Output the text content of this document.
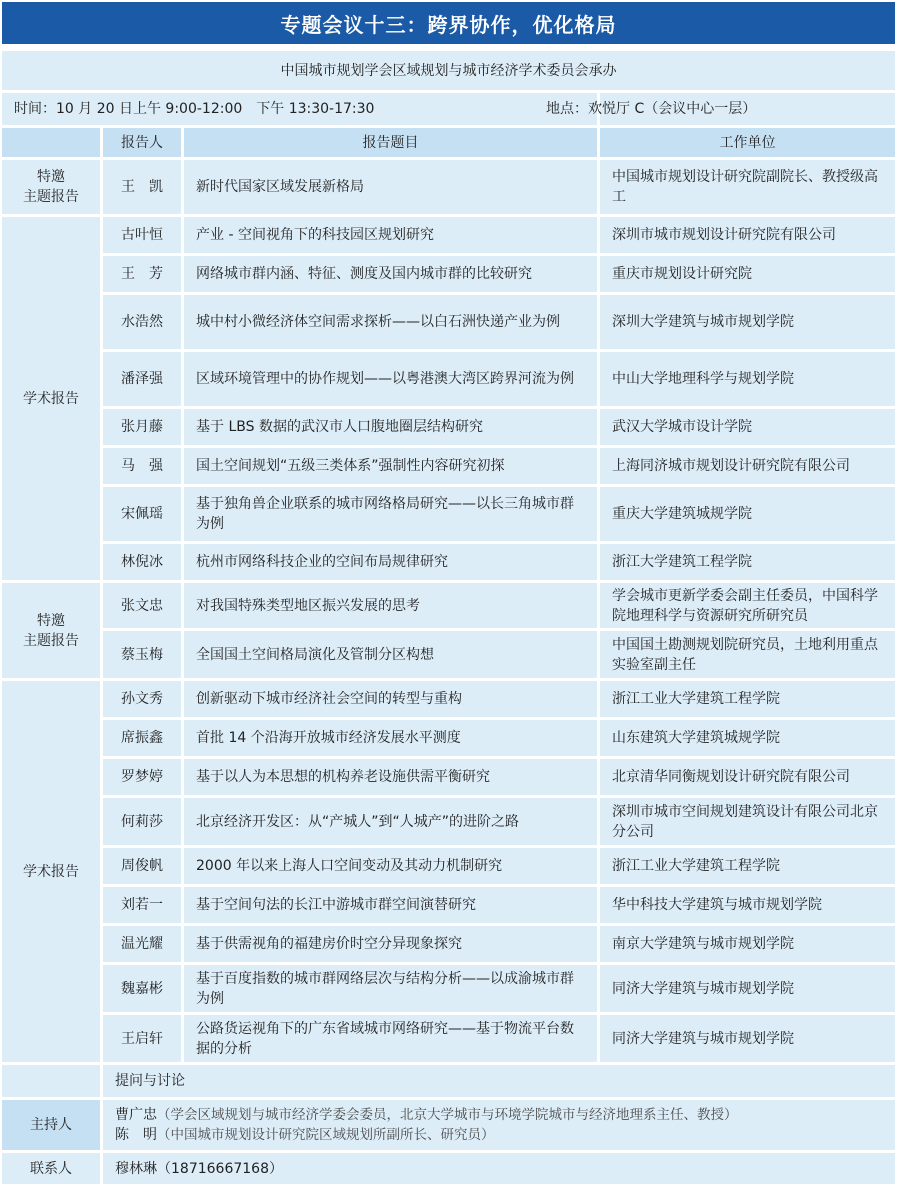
专题会议十三：跨界协作，优化格局
中国城市规划学会区域规划与城市经济学术委员会承办			
时间：10 月 20 日上午 9:00-12:00　下午 13:30-17:30			地点：欢悦厅 C（会议中心一层）
	报告人	报告题目	工作单位
特邀
主题报告	王　凯	新时代国家区域发展新格局	中国城市规划设计研究院副院长、教授级高工
学术报告	古叶恒	产业 - 空间视角下的科技园区规划研究	深圳市城市规划设计研究院有限公司
	王　芳	网络城市群内涵、特征、测度及国内城市群的比较研究	重庆市规划设计研究院
	水浩然	城中村小微经济体空间需求探析——以白石洲快递产业为例	深圳大学建筑与城市规划学院
	潘泽强	区域环境管理中的协作规划——以粤港澳大湾区跨界河流为例	中山大学地理科学与规划学院
	张月藤	基于 LBS 数据的武汉市人口腹地圈层结构研究	武汉大学城市设计学院
	马　强	国土空间规划“五级三类体系”强制性内容研究初探	上海同济城市规划设计研究院有限公司
	宋佩瑶	基于独角兽企业联系的城市网络格局研究——以长三角城市群为例	重庆大学建筑城规学院
	林倪冰	杭州市网络科技企业的空间布局规律研究	浙江大学建筑工程学院
特邀
主题报告	张文忠	对我国特殊类型地区振兴发展的思考	学会城市更新学委会副主任委员，中国科学院地理科学与资源研究所研究员
	蔡玉梅	全国国土空间格局演化及管制分区构想	中国国土勘测规划院研究员，土地利用重点实验室副主任
学术报告	孙文秀	创新驱动下城市经济社会空间的转型与重构	浙江工业大学建筑工程学院
	席振鑫	首批 14 个沿海开放城市经济发展水平测度	山东建筑大学建筑城规学院
	罗梦婷	基于以人为本思想的机构养老设施供需平衡研究	北京清华同衡规划设计研究院有限公司
	何莉莎	北京经济开发区：从“产城人”到“人城产”的进阶之路	深圳市城市空间规划建筑设计有限公司北京分公司
	周俊帆	2000 年以来上海人口空间变动及其动力机制研究	浙江工业大学建筑工程学院
	刘若一	基于空间句法的长江中游城市群空间演替研究	华中科技大学建筑与城市规划学院
	温光耀	基于供需视角的福建房价时空分异现象探究	南京大学建筑与城市规划学院
	魏嘉彬	基于百度指数的城市群网络层次与结构分析——以成渝城市群为例	同济大学建筑与城市规划学院
	王启轩	公路货运视角下的广东省域城市网络研究——基于物流平台数据的分析	同济大学建筑与城市规划学院
	提问与讨论		
主持人	曹广忠（学会区域规划与城市经济学委会委员，北京大学城市与环境学院城市与经济地理系主任、教授）
陈　明（中国城市规划设计研究院区域规划所副所长、研究员）		

联系人	穆林琳（18716667168）		
